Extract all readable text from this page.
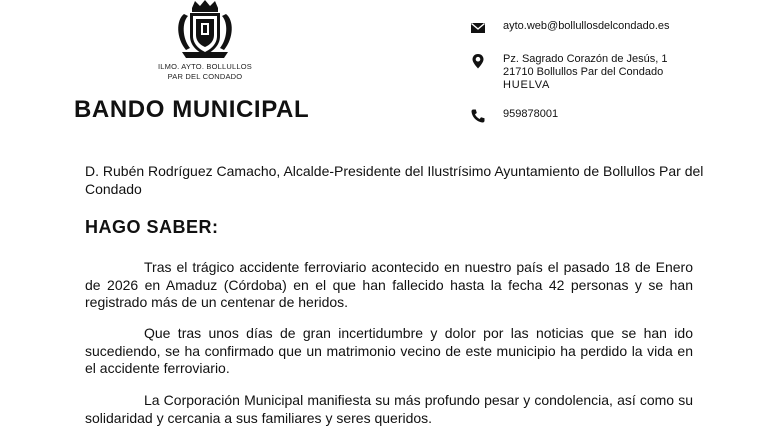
ILMO. AYTO. BOLLULLOS
PAR DEL CONDADO
BANDO MUNICIPAL
ayto.web@bollullosdelcondado.es
Pz. Sagrado Corazón de Jesús, 1
21710 Bollullos Par del Condado
HUELVA
959878001
D. Rubén Rodríguez Camacho, Alcalde-Presidente del Ilustrísimo Ayuntamiento de Bollullos Par del Condado
HAGO SABER:

Tras el trágico accidente ferroviario acontecido en nuestro país el pasado 18 de Enero de 2026 en Amaduz (Córdoba) en el que han fallecido hasta la fecha 42 personas y se han registrado más de un centenar de heridos.

Que tras unos días de gran incertidumbre y dolor por las noticias que se han ido sucediendo, se ha confirmado que un matrimonio vecino de este municipio ha perdido la vida en el accidente ferroviario.

La Corporación Municipal manifiesta su más profundo pesar y condolencia, así como su solidaridad y cercania a sus familiares y seres queridos.
